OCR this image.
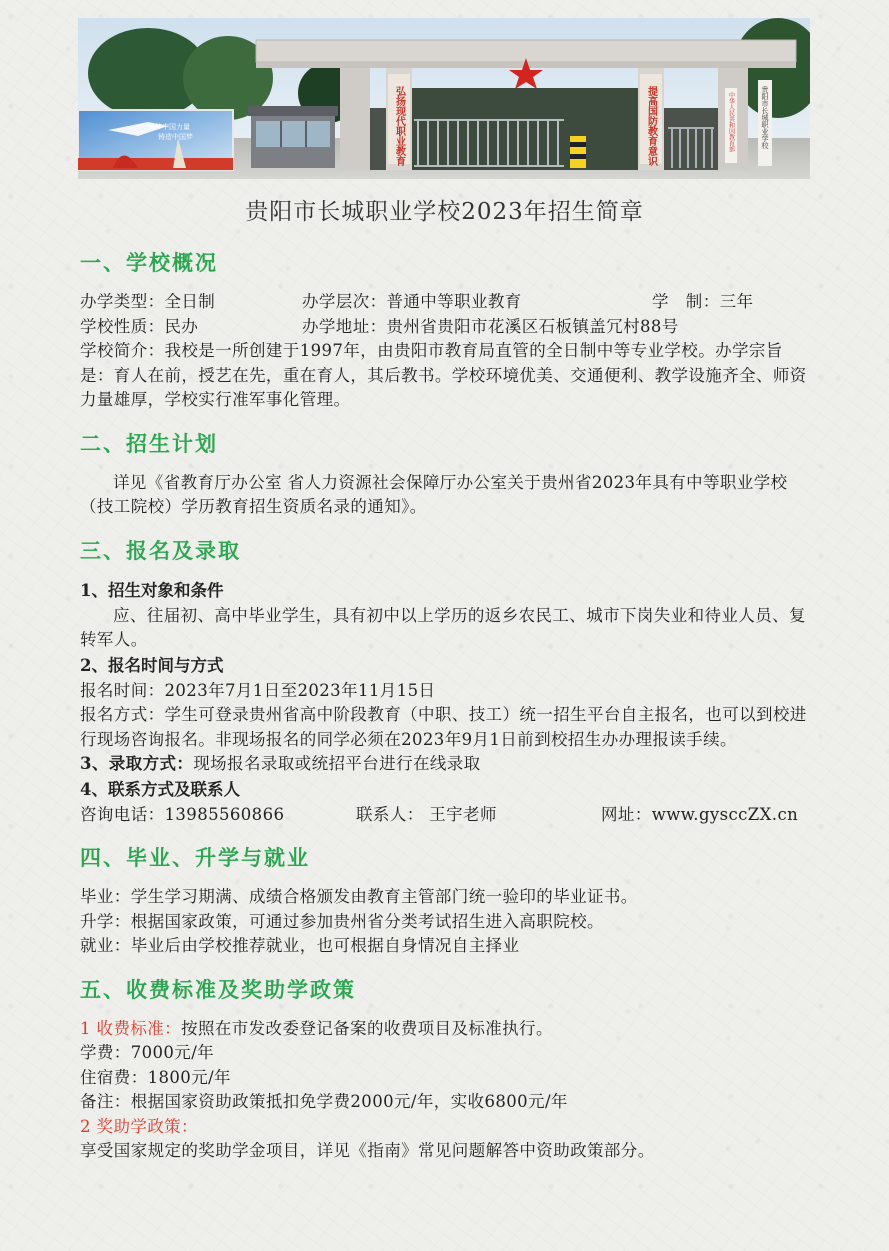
圆梦中国力量
铸造中国梦	弘扬现代职业教育	提高国防教育意识	中华人民共和国教育部	贵阳市长城职业学校
贵阳市长城职业学校2023年招生简章
一、学校概况
办学类型：全日制	办学层次：普通中等职业教育	学　制：三年
学校性质：民办	办学地址：贵州省贵阳市花溪区石板镇盖冗村88号

学校简介：我校是一所创建于1997年，由贵阳市教育局直管的全日制中等专业学校。办学宗旨是：育人在前，授艺在先，重在育人，其后教书。学校环境优美、交通便利、教学设施齐全、师资力量雄厚，学校实行准军事化管理。

二、招生计划

详见《省教育厅办公室 省人力资源社会保障厅办公室关于贵州省2023年具有中等职业学校（技工院校）学历教育招生资质名录的通知》。

三、报名及录取

1、招生对象和条件

应、往届初、高中毕业学生，具有初中以上学历的返乡农民工、城市下岗失业和待业人员、复转军人。

2、报名时间与方式

报名时间：2023年7月1日至2023年11月15日

报名方式：学生可登录贵州省高中阶段教育（中职、技工）统一招生平台自主报名，也可以到校进行现场咨询报名。非现场报名的同学必须在2023年9月1日前到校招生办办理报读手续。

3、录取方式：现场报名录取或统招平台进行在线录取

4、联系方式及联系人

咨询电话：13985560866	联系人： 王宇老师	网址：www.gysccZX.cn
四、毕业、升学与就业

毕业：学生学习期满、成绩合格颁发由教育主管部门统一验印的毕业证书。

升学：根据国家政策，可通过参加贵州省分类考试招生进入高职院校。

就业：毕业后由学校推荐就业，也可根据自身情况自主择业

五、收费标准及奖助学政策

1 收费标准：按照在市发改委登记备案的收费项目及标准执行。

学费：7000元/年

住宿费：1800元/年

备注：根据国家资助政策抵扣免学费2000元/年，实收6800元/年

2 奖助学政策：

享受国家规定的奖助学金项目，详见《指南》常见问题解答中资助政策部分。
